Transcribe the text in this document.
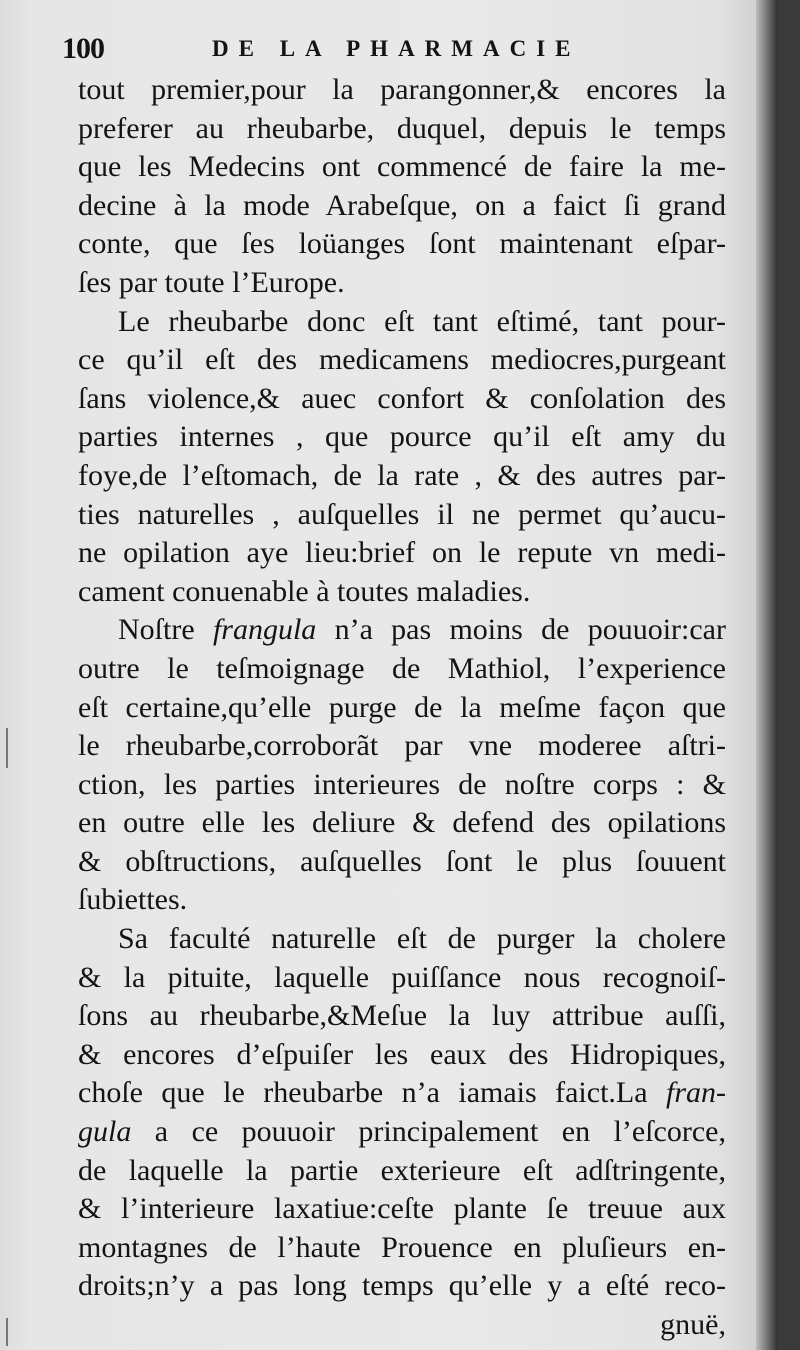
100	DE LA PHARMACIE
tout premier,pour la parangonner,& encores la
preferer au rheubarbe, duquel, depuis le temps
que les Medecins ont commencé de faire la me-
decine à la mode Arabeſque, on a faict ſi grand
conte, que ſes loüanges ſont maintenant eſpar-
ſes par toute l’Europe.
Le rheubarbe donc eſt tant eſtimé, tant pour-
ce qu’il eſt des medicamens mediocres,purgeant
ſans violence,& auec confort & conſolation des
parties internes , que pource qu’il eſt amy du
foye,de l’eſtomach, de la rate , & des autres par-
ties naturelles , auſquelles il ne permet qu’aucu-
ne opilation aye lieu:brief on le repute vn medi-
cament conuenable à toutes maladies.
Noſtre frangula n’a pas moins de pouuoir:car
outre le teſmoignage de Mathiol, l’experience
eſt certaine,qu’elle purge de la meſme façon que
le rheubarbe,corroborãt par vne moderee aſtri-
ction, les parties interieures de noſtre corps : &
en outre elle les deliure & defend des opilations
& obſtructions, auſquelles ſont le plus ſouuent
ſubiettes.
Sa faculté naturelle eſt de purger la cholere
& la pituite, laquelle puiſſance nous recognoiſ-
ſons au rheubarbe,&Meſue la luy attribue auſſi,
& encores d’eſpuiſer les eaux des Hidropiques,
choſe que le rheubarbe n’a iamais faict.La fran-
gula a ce pouuoir principalement en l’eſcorce,
de laquelle la partie exterieure eſt adſtringente,
& l’interieure laxatiue:ceſte plante ſe treuue aux
montagnes de l’haute Prouence en pluſieurs en-
droits;n’y a pas long temps qu’elle y a eſté reco-
gnuë,
